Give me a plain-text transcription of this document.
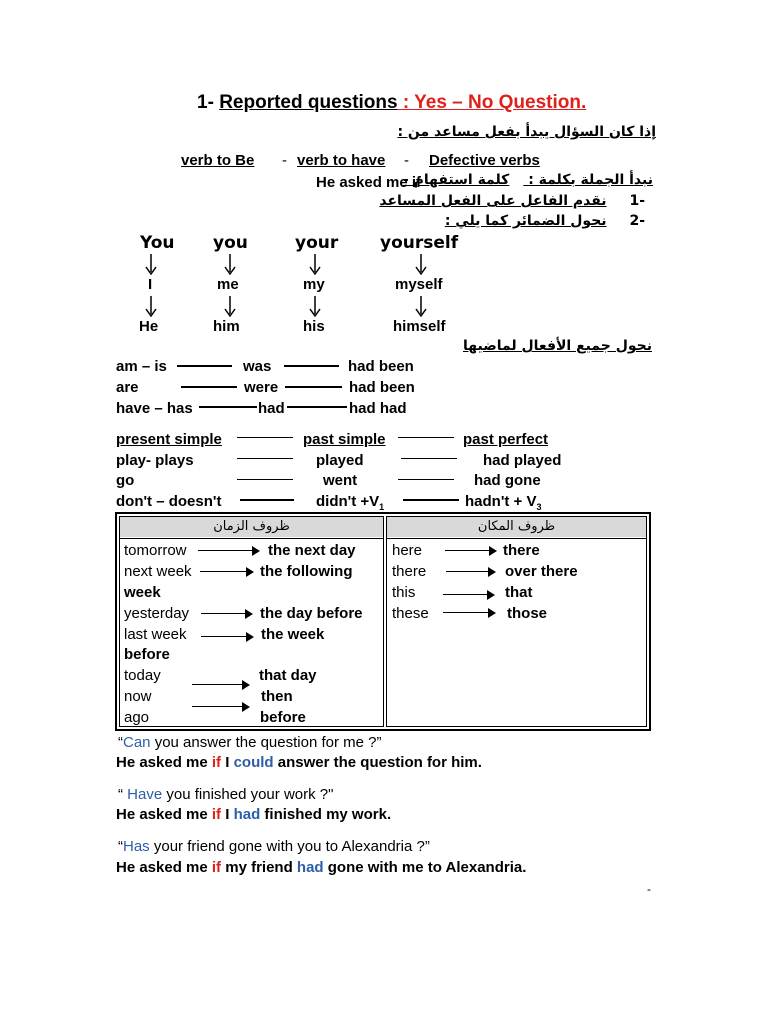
1- Reported questions : Yes – No Question.
إذا كان السؤال يبدأ بفعل مساعد من :
verb to Be - verb to have - Defective verbs
He asked me if	نبدأ الجملة بكلمة : كلمة استفهام -
-1 نقدم الفاعل على الفعل المساعد
-2 نحول الضمائر كما يلي :
You you	your yourself
I	me	my	myself
He	him	his	himself
نحول جميع الأفعال لماضيها
am – is	was	had been
are	were	had been
have – has	had	had had
present simple	past simple	past perfect
play- plays	played	had played
go	went	had gone
don't – doesn't	didn't $+V_1$	hadn't + $V_3$
ظروف الزمان	ظروف المكان
tomorrow	the next day
next week	the following
week
yesterday	the day before
last week	the week
before
today	that day
now	then
ago	before
here	there
there	over there
this	that
these	those
“Can you answer the question for me ?”
He asked me if I could answer the question for him.
“ Have you finished your work ?"
He asked me if I had finished my work.
“Has your friend gone with you to Alexandria ?”
He asked me if my friend had gone with me to Alexandria.
-
